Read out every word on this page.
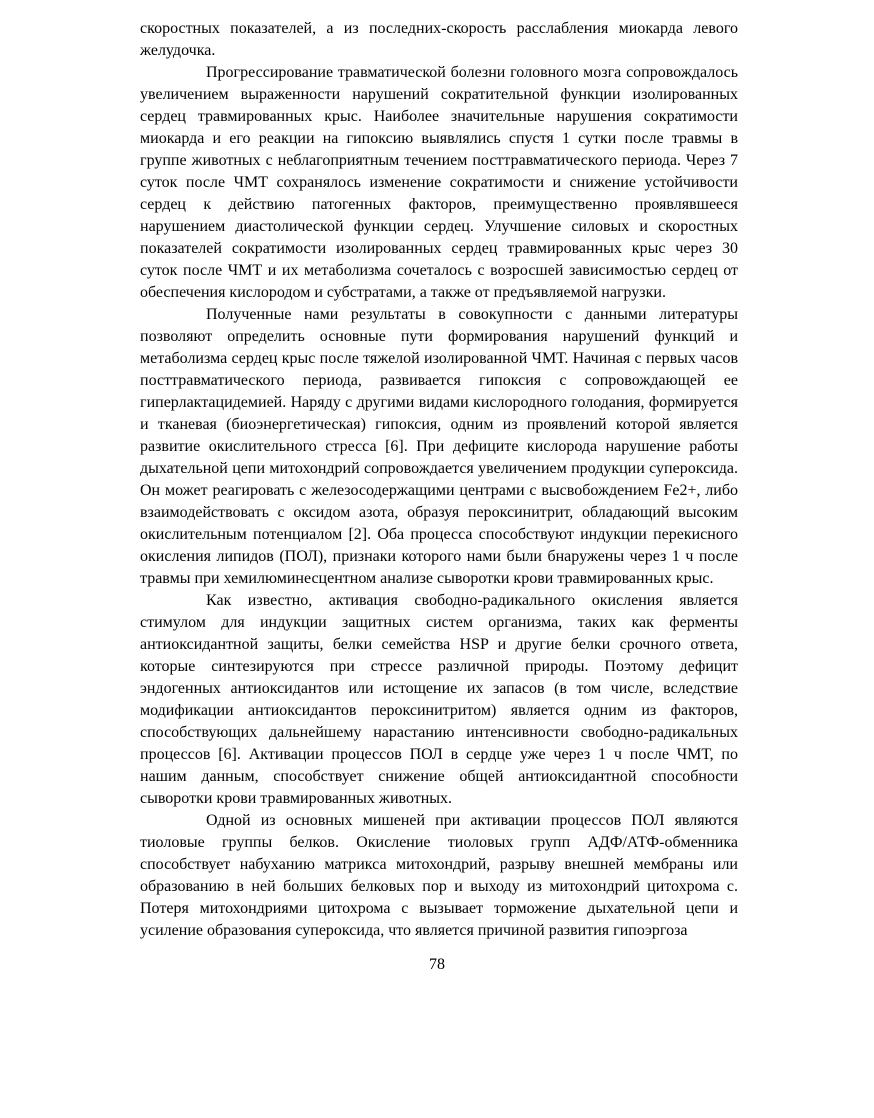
скоростных показателей, а из последних-скорость расслабления миокарда левого желудочка.

Прогрессирование травматической болезни головного мозга сопровождалось увеличением выраженности нарушений сократительной функции изолированных сердец травмированных крыс. Наиболее значительные нарушения сократимости миокарда и его реакции на гипоксию выявлялись спустя 1 сутки после травмы в группе животных с неблагоприятным течением посттравматического периода. Через 7 суток после ЧМТ сохранялось изменение сократимости и снижение устойчивости сердец к действию патогенных факторов, преимущественно проявлявшееся нарушением диастолической функции сердец. Улучшение силовых и скоростных показателей сократимости изолированных сердец травмированных крыс через 30 суток после ЧМТ и их метаболизма сочеталось с возросшей зависимостью сердец от обеспечения кислородом и субстратами, а также от предъявляемой нагрузки.

Полученные нами результаты в совокупности с данными литературы позволяют определить основные пути формирования нарушений функций и метаболизма сердец крыс после тяжелой изолированной ЧМТ. Начиная с первых часов посттравматического периода, развивается гипоксия с сопровождающей ее гиперлактацидемией. Наряду с другими видами кислородного голодания, формируется и тканевая (биоэнергетическая) гипоксия, одним из проявлений которой является развитие окислительного стресса [6]. При дефиците кислорода нарушение работы дыхательной цепи митохондрий сопровождается увеличением продукции супероксида. Он может реагировать с железосодержащими центрами с высвобождением Fe2+, либо взаимодействовать с оксидом азота, образуя пероксинитрит, обладающий высоким окислительным потенциалом [2]. Оба процесса способствуют индукции перекисного окисления липидов (ПОЛ), признаки которого нами были бнаружены через 1 ч после травмы при хемилюминесцентном анализе сыворотки крови травмированных крыс.

Как известно, активация свободно-радикального окисления является стимулом для индукции защитных систем организма, таких как ферменты антиоксидантной защиты, белки семейства HSP и другие белки срочного ответа, которые синтезируются при стрессе различной природы. Поэтому дефицит эндогенных антиоксидантов или истощение их запасов (в том числе, вследствие модификации антиоксидантов пероксинитритом) является одним из факторов, способствующих дальнейшему нарастанию интенсивности свободно-радикальных процессов [6]. Активации процессов ПОЛ в сердце уже через 1 ч после ЧМТ, по нашим данным, способствует снижение общей антиоксидантной способности сыворотки крови травмированных животных.

Одной из основных мишеней при активации процессов ПОЛ являются тиоловые группы белков. Окисление тиоловых групп АДФ/АТФ-обменника способствует набуханию матрикса митохондрий, разрыву внешней мембраны или образованию в ней больших белковых пор и выходу из митохондрий цитохрома c. Потеря митохондриями цитохрома c вызывает торможение дыхательной цепи и усиление образования супероксида, что является причиной развития гипоэргоза

78
